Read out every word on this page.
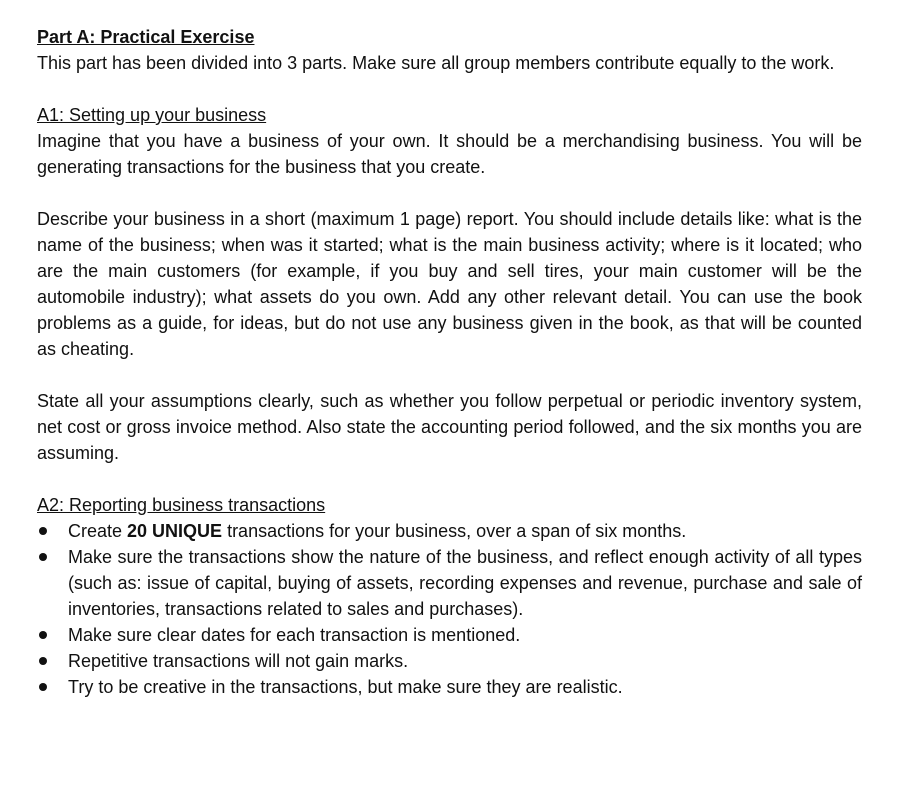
Part A: Practical Exercise

This part has been divided into 3 parts. Make sure all group members contribute equally to the work.

A1: Setting up your business

Imagine that you have a business of your own. It should be a merchandising business. You will be generating transactions for the business that you create.

Describe your business in a short (maximum 1 page) report. You should include details like: what is the name of the business; when was it started; what is the main business activity; where is it located; who are the main customers (for example, if you buy and sell tires, your main customer will be the automobile industry); what assets do you own. Add any other relevant detail. You can use the book problems as a guide, for ideas, but do not use any business given in the book, as that will be counted as cheating.

State all your assumptions clearly, such as whether you follow perpetual or periodic inventory system, net cost or gross invoice method. Also state the accounting period followed, and the six months you are assuming.

A2: Reporting business transactions
Create 20 UNIQUE transactions for your business, over a span of six months.
Make sure the transactions show the nature of the business, and reflect enough activity of all types (such as: issue of capital, buying of assets, recording expenses and revenue, purchase and sale of inventories, transactions related to sales and purchases).
Make sure clear dates for each transaction is mentioned.
Repetitive transactions will not gain marks.
Try to be creative in the transactions, but make sure they are realistic.
